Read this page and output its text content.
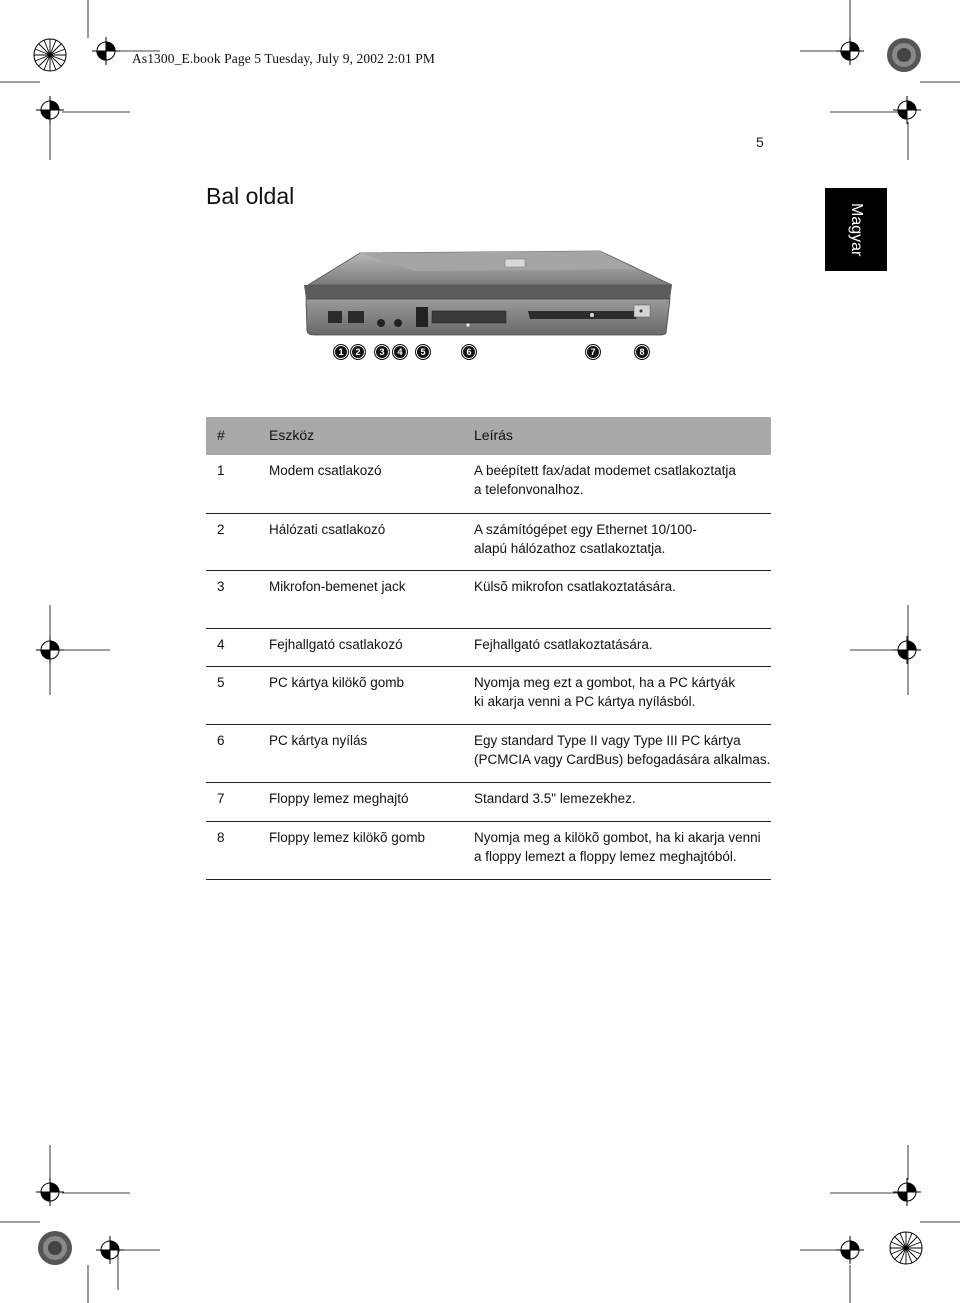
As1300_E.book Page 5 Tuesday, July 9, 2002 2:01 PM
5
Bal oldal
Magyar
1	2	3	4	5	6	7	8
#	Eszköz	Leírás
1	Modem csatlakozó	A beépített fax/adat modemet csatlakoztatja
a telefonvonalhoz.
2	Hálózati csatlakozó	A számítógépet egy Ethernet 10/100-
alapú hálózathoz csatlakoztatja.
3	Mikrofon-bemenet jack	Külsõ mikrofon csatlakoztatására.
4	Fejhallgató csatlakozó	Fejhallgató csatlakoztatására.
5	PC kártya kilökõ gomb	Nyomja meg ezt a gombot, ha a PC kártyák
ki akarja venni a PC kártya nyílásból.
6	PC kártya nyílás	Egy standard Type II vagy Type III PC kártya
(PCMCIA vagy CardBus) befogadására alkalmas.
7	Floppy lemez meghajtó	Standard 3.5" lemezekhez.
8	Floppy lemez kilökõ gomb	Nyomja meg a kilökõ gombot, ha ki akarja venni
a floppy lemezt a floppy lemez meghajtóból.
